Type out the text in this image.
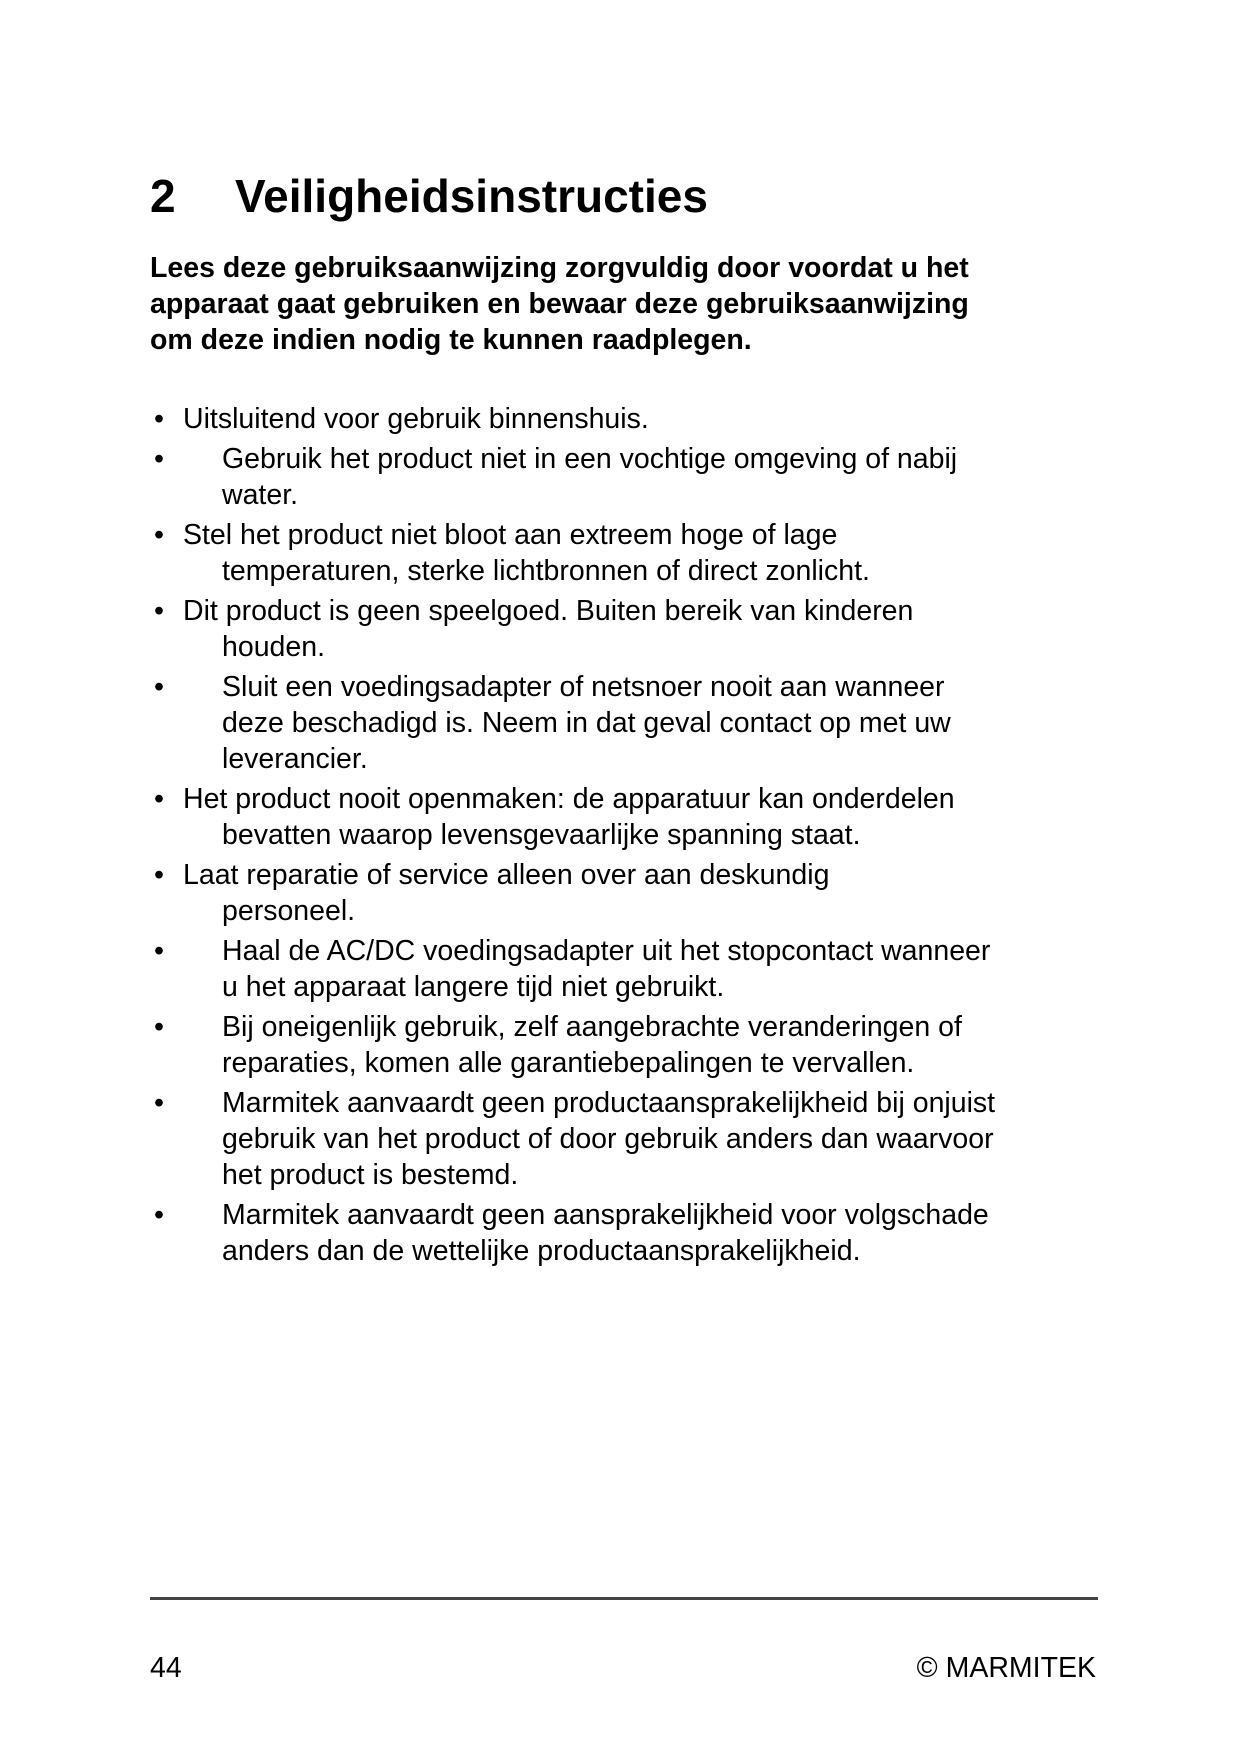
2 Veiligheidsinstructies
Lees deze gebruiksaanwijzing zorgvuldig door voordat u het
apparaat gaat gebruiken en bewaar deze gebruiksaanwijzing
om deze indien nodig te kunnen raadplegen.
• Uitsluitend voor gebruik binnenshuis.
•	Gebruik het product niet in een vochtige omgeving of nabij
water.
• Stel het product niet bloot aan extreem hoge of lage
temperaturen, sterke lichtbronnen of direct zonlicht.
• Dit product is geen speelgoed. Buiten bereik van kinderen
houden.
•	Sluit een voedingsadapter of netsnoer nooit aan wanneer
deze beschadigd is. Neem in dat geval contact op met uw
leverancier.
• Het product nooit openmaken: de apparatuur kan onderdelen
bevatten waarop levensgevaarlijke spanning staat.
• Laat reparatie of service alleen over aan deskundig
personeel.
•	Haal de AC/DC voedingsadapter uit het stopcontact wanneer
u het apparaat langere tijd niet gebruikt.
•	Bij oneigenlijk gebruik, zelf aangebrachte veranderingen of
reparaties, komen alle garantiebepalingen te vervallen.
•	Marmitek aanvaardt geen productaansprakelijkheid bij onjuist
gebruik van het product of door gebruik anders dan waarvoor
het product is bestemd.
•	Marmitek aanvaardt geen aansprakelijkheid voor volgschade
anders dan de wettelijke productaansprakelijkheid.
44	© MARMITEK
